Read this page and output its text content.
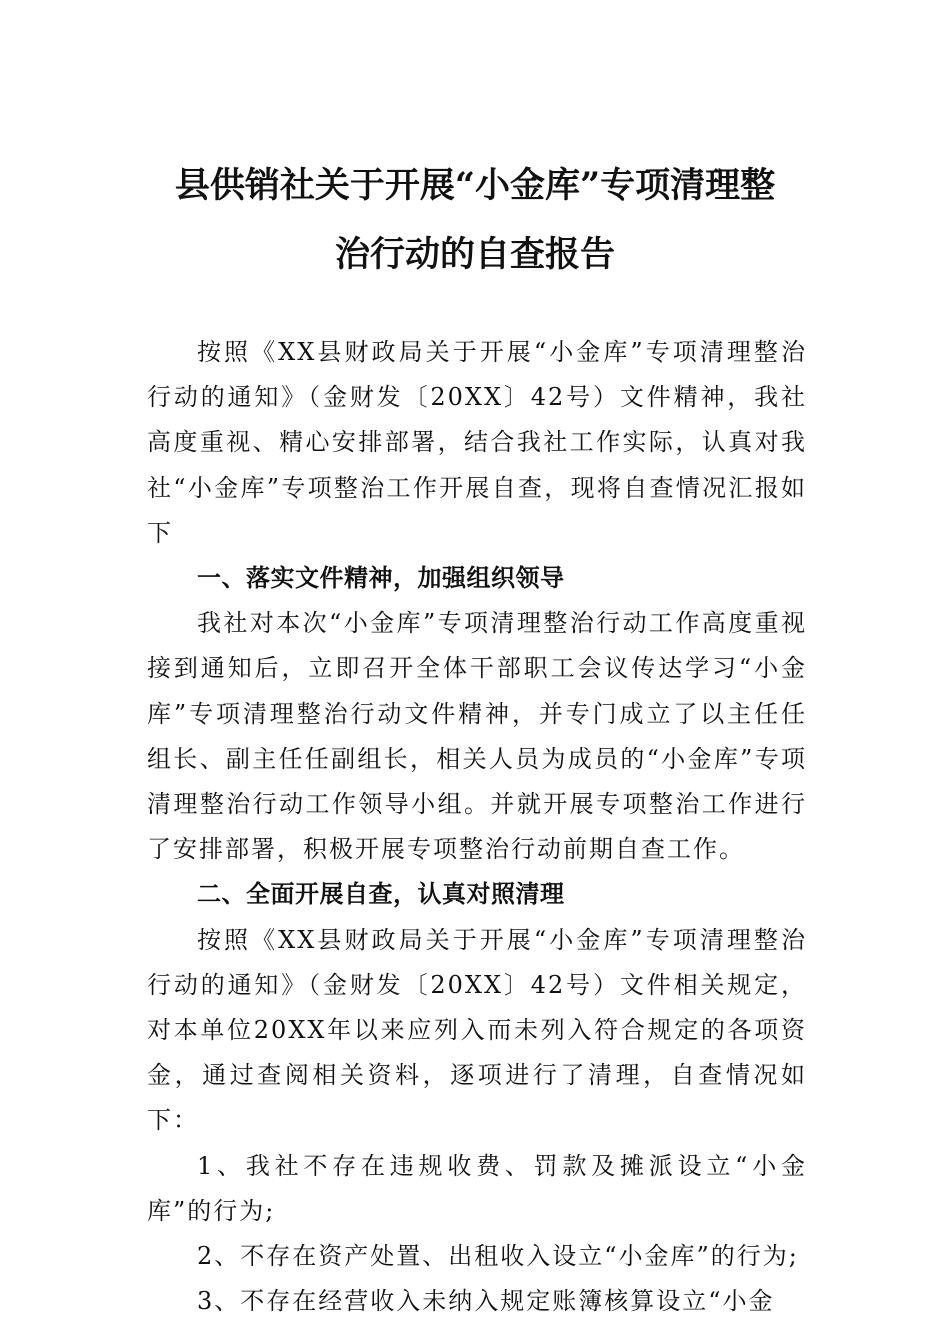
县供销社关于开展“小金库”专项清理整
治行动的自查报告

按照《XX县财政局关于开展“小金库”专项清理整治行动的通知》（金财发〔20XX〕42号）文件精神，我社高度重视、精心安排部署，结合我社工作实际，认真对我社“小金库”专项整治工作开展自查，现将自查情况汇报如下

一、落实文件精神，加强组织领导

我社对本次“小金库”专项清理整治行动工作高度重视接到通知后，立即召开全体干部职工会议传达学习“小金库”专项清理整治行动文件精神，并专门成立了以主任任组长、副主任任副组长，相关人员为成员的“小金库”专项清理整治行动工作领导小组。并就开展专项整治工作进行了安排部署，积极开展专项整治行动前期自查工作。

二、全面开展自查，认真对照清理

按照《XX县财政局关于开展“小金库”专项清理整治行动的通知》（金财发〔20XX〕42号）文件相关规定，对本单位20XX年以来应列入而未列入符合规定的各项资金，通过查阅相关资料，逐项进行了清理，自查情况如下：

1、我社不存在违规收费、罚款及摊派设立“小金库”的行为;

2、不存在资产处置、出租收入设立“小金库”的行为;

3、不存在经营收入未纳入规定账簿核算设立“小金
